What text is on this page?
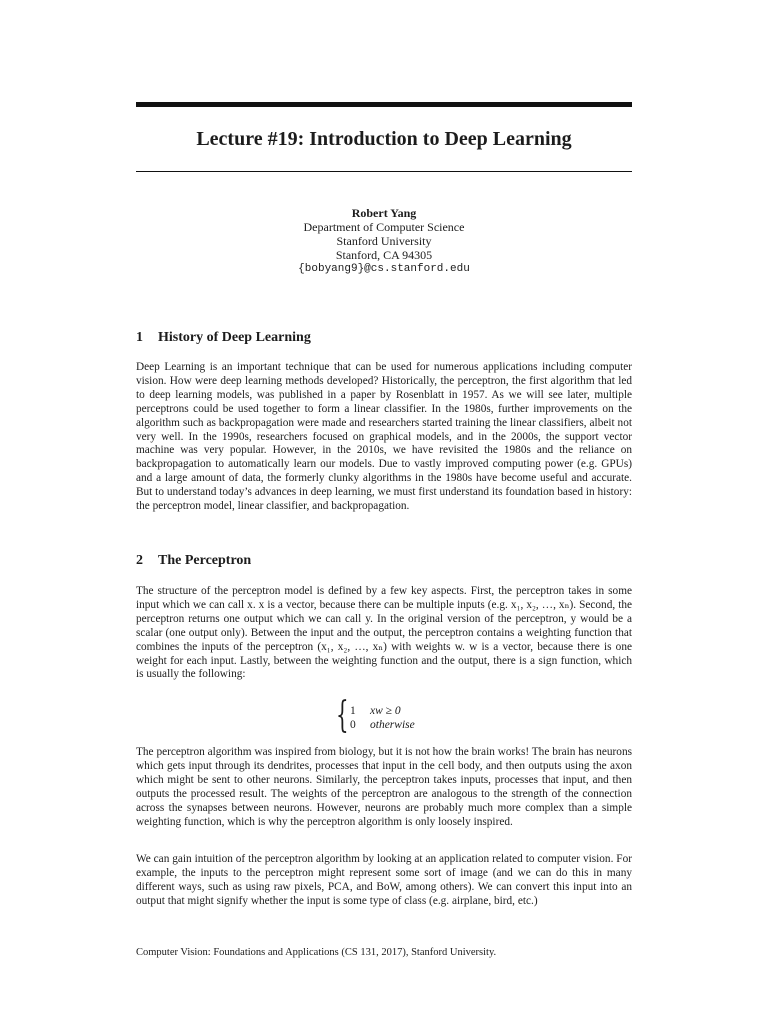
Lecture #19: Introduction to Deep Learning
Robert Yang
Department of Computer Science
Stanford University
Stanford, CA 94305
{bobyang9}@cs.stanford.edu
1 History of Deep Learning
Deep Learning is an important technique that can be used for numerous applications including computer vision. How were deep learning methods developed? Historically, the perceptron, the first algorithm that led to deep learning models, was published in a paper by Rosenblatt in 1957. As we will see later, multiple perceptrons could be used together to form a linear classifier. In the 1980s, further improvements on the algorithm such as backpropagation were made and researchers started training the linear classifiers, albeit not very well. In the 1990s, researchers focused on graphical models, and in the 2000s, the support vector machine was very popular. However, in the 2010s, we have revisited the 1980s and the reliance on backpropagation to automatically learn our models. Due to vastly improved computing power (e.g. GPUs) and a large amount of data, the formerly clunky algorithms in the 1980s have become useful and accurate. But to understand today’s advances in deep learning, we must first understand its foundation based in history: the perceptron model, linear classifier, and backpropagation.
2 The Perceptron
The structure of the perceptron model is defined by a few key aspects. First, the perceptron takes in some input which we can call x. x is a vector, because there can be multiple inputs (e.g. x₁, x₂, …, xₙ). Second, the perceptron returns one output which we can call y. In the original version of the perceptron, y would be a scalar (one output only). Between the input and the output, the perceptron contains a weighting function that combines the inputs of the perceptron (x₁, x₂, …, xₙ) with weights w. w is a vector, because there is one weight for each input. Lastly, between the weighting function and the output, there is a sign function, which is usually the following:
{ 1 xw ≥ 0
0 otherwise
The perceptron algorithm was inspired from biology, but it is not how the brain works! The brain has neurons which gets input through its dendrites, processes that input in the cell body, and then outputs using the axon which might be sent to other neurons. Similarly, the perceptron takes inputs, processes that input, and then outputs the processed result. The weights of the perceptron are analogous to the strength of the connection across the synapses between neurons. However, neurons are probably much more complex than a simple weighting function, which is why the perceptron algorithm is only loosely inspired.
We can gain intuition of the perceptron algorithm by looking at an application related to computer vision. For example, the inputs to the perceptron might represent some sort of image (and we can do this in many different ways, such as using raw pixels, PCA, and BoW, among others). We can convert this input into an output that might signify whether the input is some type of class (e.g. airplane, bird, etc.)
Computer Vision: Foundations and Applications (CS 131, 2017), Stanford University.
